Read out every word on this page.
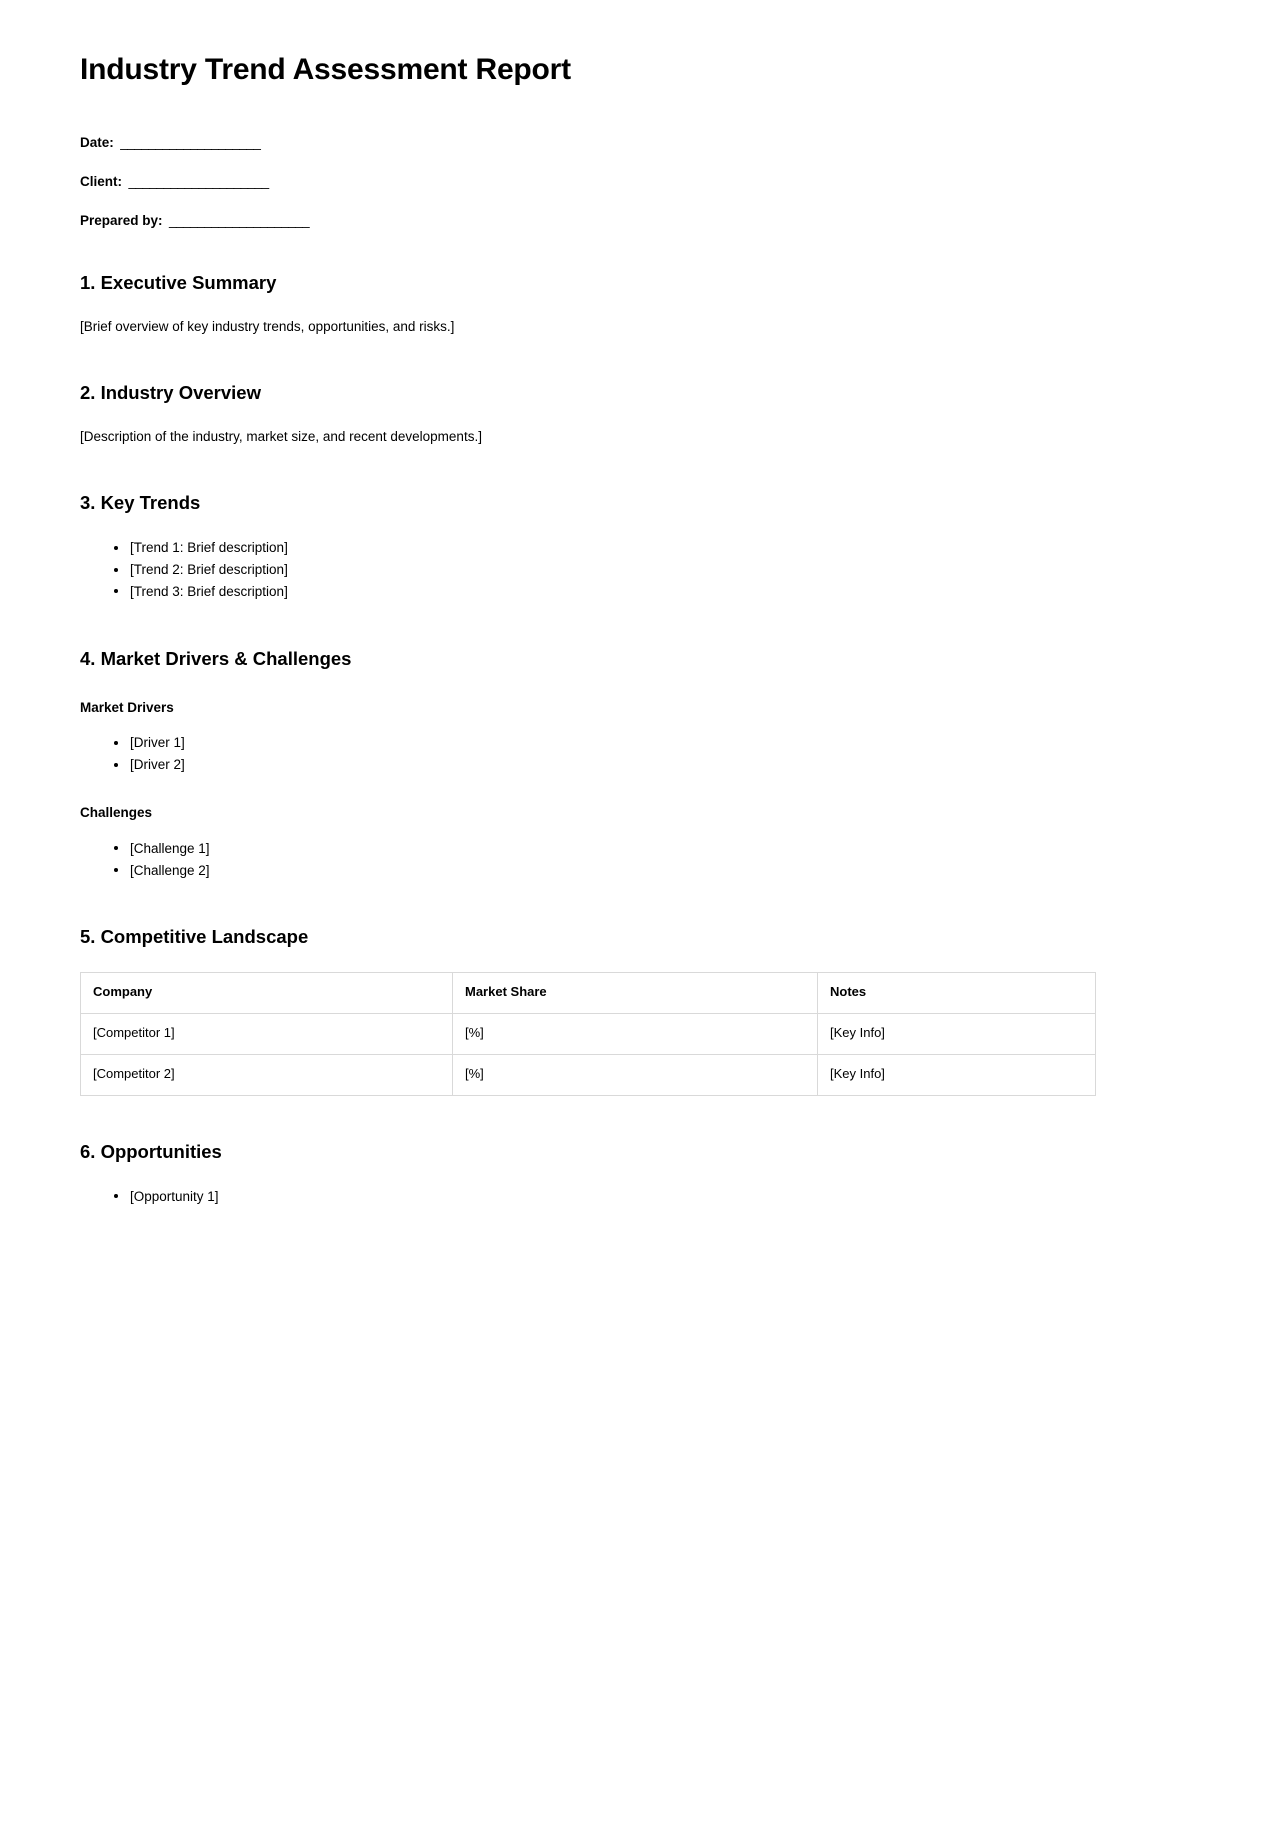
Industry Trend Assessment Report

Date:  ____________________

Client:  ____________________

Prepared by:  ____________________

1. Executive Summary

[Brief overview of key industry trends, opportunities, and risks.]

2. Industry Overview

[Description of the industry, market size, and recent developments.]

3. Key Trends
[Trend 1: Brief description]
[Trend 2: Brief description]
[Trend 3: Brief description]
4. Market Drivers & Challenges
Market Drivers
[Driver 1]
[Driver 2]
Challenges
[Challenge 1]
[Challenge 2]
5. Competitive Landscape
Company	Market Share	Notes
[Competitor 1]	[%]	[Key Info]
[Competitor 2]	[%]	[Key Info]
6. Opportunities
[Opportunity 1]
